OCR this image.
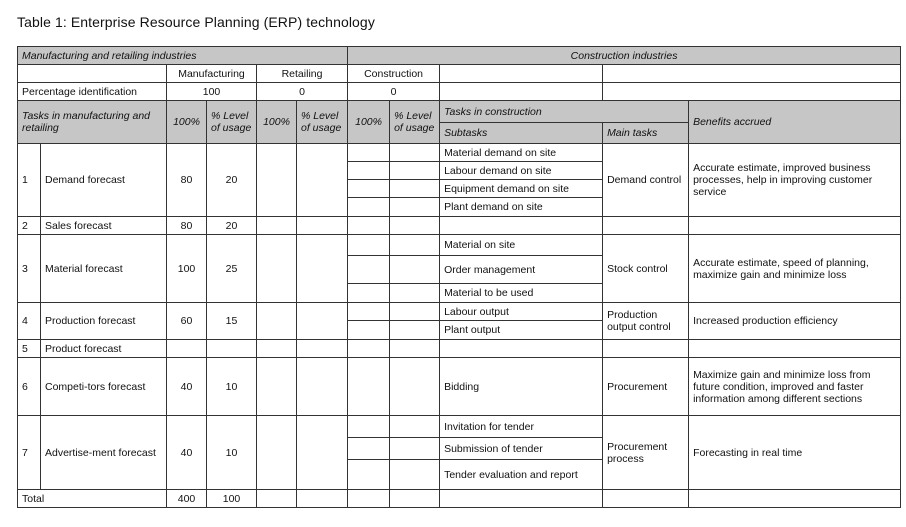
Table 1: Enterprise Resource Planning (ERP) technology
Manufacturing and retailing industries						Construction industries				
		Manufacturing		Retailing		Construction				
Percentage identification		100		0		0				
Tasks in manufacturing and retailing		100%	% Level of usage	100%	% Level of usage	100%	% Level of usage	Tasks in construction		Benefits accrued
								Subtasks	Main tasks	
1	Demand forecast	80	20					Material demand on site	Demand control	Accurate estimate, improved business processes, help in improving customer service
								Labour demand on site		
								Equipment demand on site		
								Plant demand on site		
2	Sales forecast	80	20							
3	Material forecast	100	25					Material on site	Stock control	Accurate estimate, speed of planning, maximize gain and minimize loss
								Order management		
								Material to be used		
4	Production forecast	60	15					Labour output	Production output control	Increased production efficiency
								Plant output		
5	Product forecast									
6	Competi-tors forecast	40	10					Bidding	Procurement	Maximize gain and minimize loss from future condition, improved and faster information among different sections
7	Advertise-ment forecast	40	10					Invitation for tender	Procurement process	Forecasting in real time
								Submission of tender		
								Tender evaluation and report		
Total		400	100							
